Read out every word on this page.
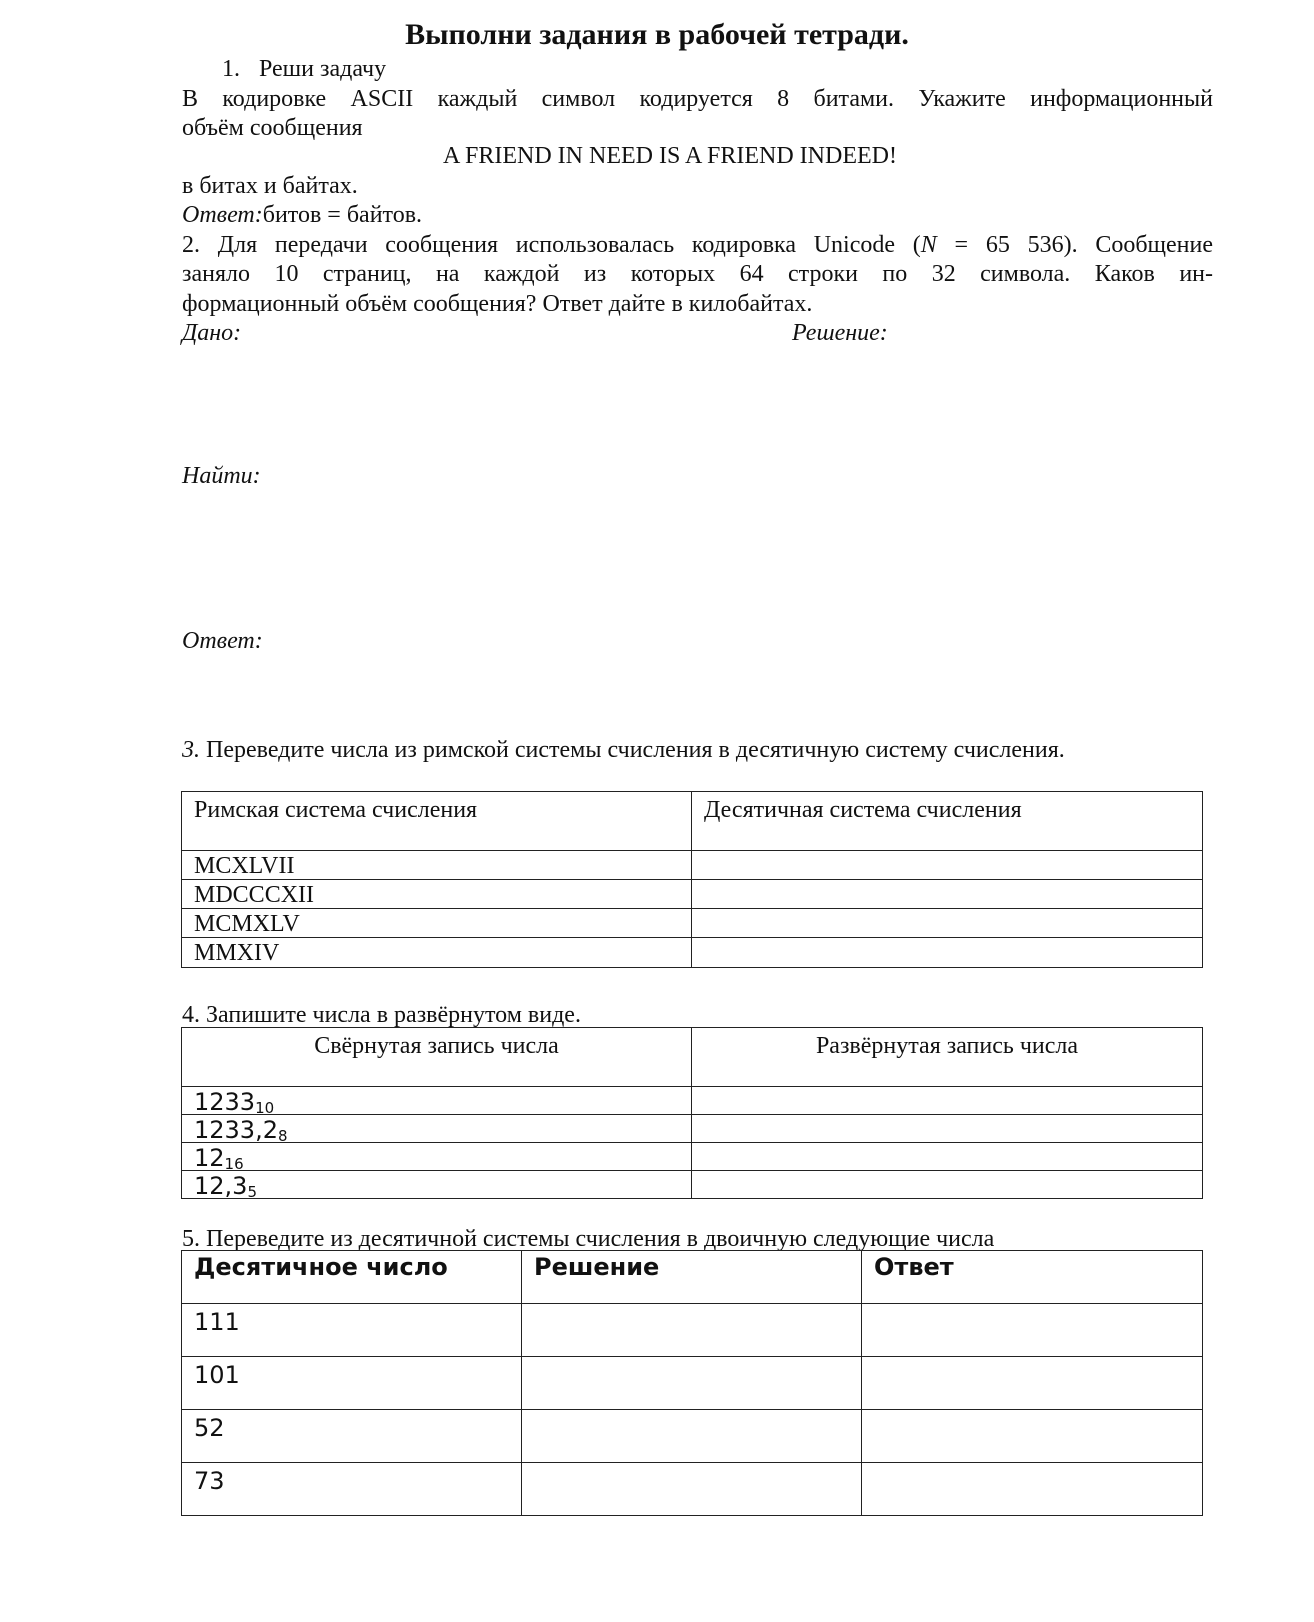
Выполни задания в рабочей тетради.
1. Реши задачу
В кодировке ASCII каждый символ кодируется 8 битами. Укажите информационный
объём сообщения
A FRIEND IN NEED IS A FRIEND INDEED!
в битах и байтах.
Ответ:битов = байтов.
2. Для передачи сообщения использовалась кодировка Unicode (N = 65 536). Сообщение
заняло 10 страниц, на каждой из которых 64 строки по 32 символа. Каков ин-
формационный объём сообщения? Ответ дайте в килобайтах.
Дано:	Решение:
Найти:
Ответ:
3. Переведите числа из римской системы счисления в десятичную систему счисления.
Римская система счисления	Десятичная система счисления
MCXLVII	
MDCCCXII	
MCMXLV	
MMXIV	
4. Запишите числа в развёрнутом виде.
Свёрнутая запись числа	Развёрнутая запись числа
$1233_{10}$	
$1233,2_8$	
$12_{16}$	
$12,3_5$	
5. Переведите из десятичной системы счисления в двоичную следующие числа
Десятичное число	Решение	Ответ
111		
101		
52		
73		
